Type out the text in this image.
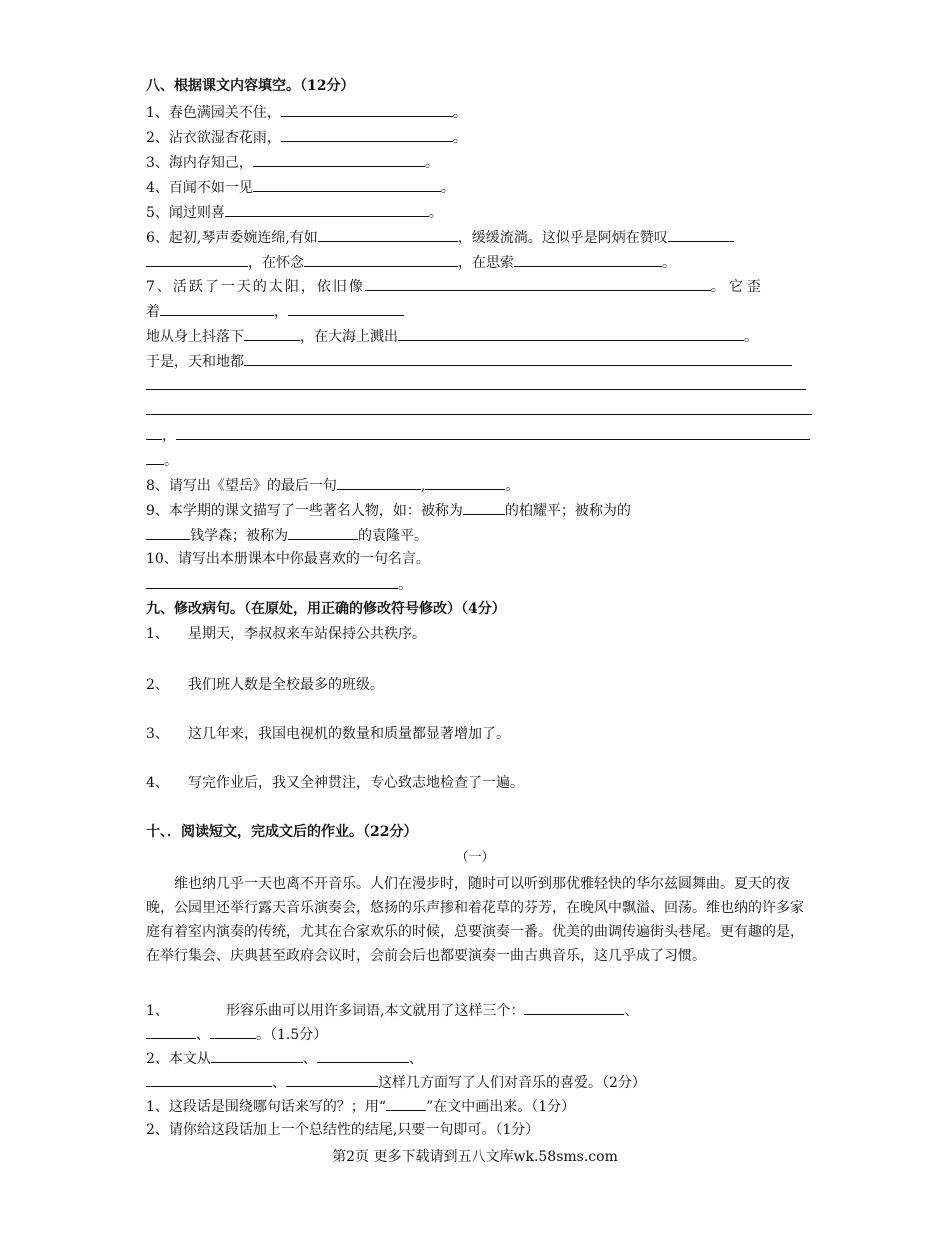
八、根据课文内容填空。（12分）
1、春色满园关不住，	。
2、沾衣欲湿杏花雨，	。
3、海内存知己，	。
4、百闻不如一见	。
5、闻过则喜	。
6、起初,琴声委婉连绵,有如	，缓缓流淌。这似乎是阿炳在赞叹
，在怀念	，在思索	。
7、活跃了一天的太阳，依旧像	。它歪
着	，
地从身上抖落下	，在大海上溅出	。
于是，天和地都
，
。
8、请写出《望岳》的最后一句	,	。
9、本学期的课文描写了一些著名人物，如：被称为	的柏耀平；被称为的
钱学森；被称为	的袁隆平。
10、请写出本册课本中你最喜欢的一句名言。
。
九、修改病句。（在原处，用正确的修改符号修改）（4分）
1、 星期天，李叔叔来车站保持公共秩序。
2、 我们班人数是全校最多的班级。
3、 这几年来，我国电视机的数量和质量都显著增加了。
4、 写完作业后，我又全神贯注，专心致志地检查了一遍。
十、．阅读短文，完成文后的作业。（22分）
（一）
维也纳几乎一天也离不开音乐。人们在漫步时，随时可以听到那优雅轻快的华尔兹圆舞曲。夏天的夜晚，公园里还举行露天音乐演奏会，悠扬的乐声掺和着花草的芬芳，在晚风中飘溢、回荡。维也纳的许多家庭有着室内演奏的传统，尤其在合家欢乐的时候，总要演奏一番。优美的曲调传遍街头巷尾。更有趣的是，在举行集会、庆典甚至政府会议时，会前会后也都要演奏一曲古典音乐，这几乎成了习惯。
1、	形容乐曲可以用许多词语,本文就用了这样三个：	、
、	。（1.5分）
2、本文从	、	、
、	这样几方面写了人们对音乐的喜爱。（2分）
1、这段话是围绕哪句话来写的？；用“	”在文中画出来。（1分）
2、请你给这段话加上一个总结性的结尾,只要一句即可。（1分）
第2页 更多下载请到五八文库wk.58sms.com
